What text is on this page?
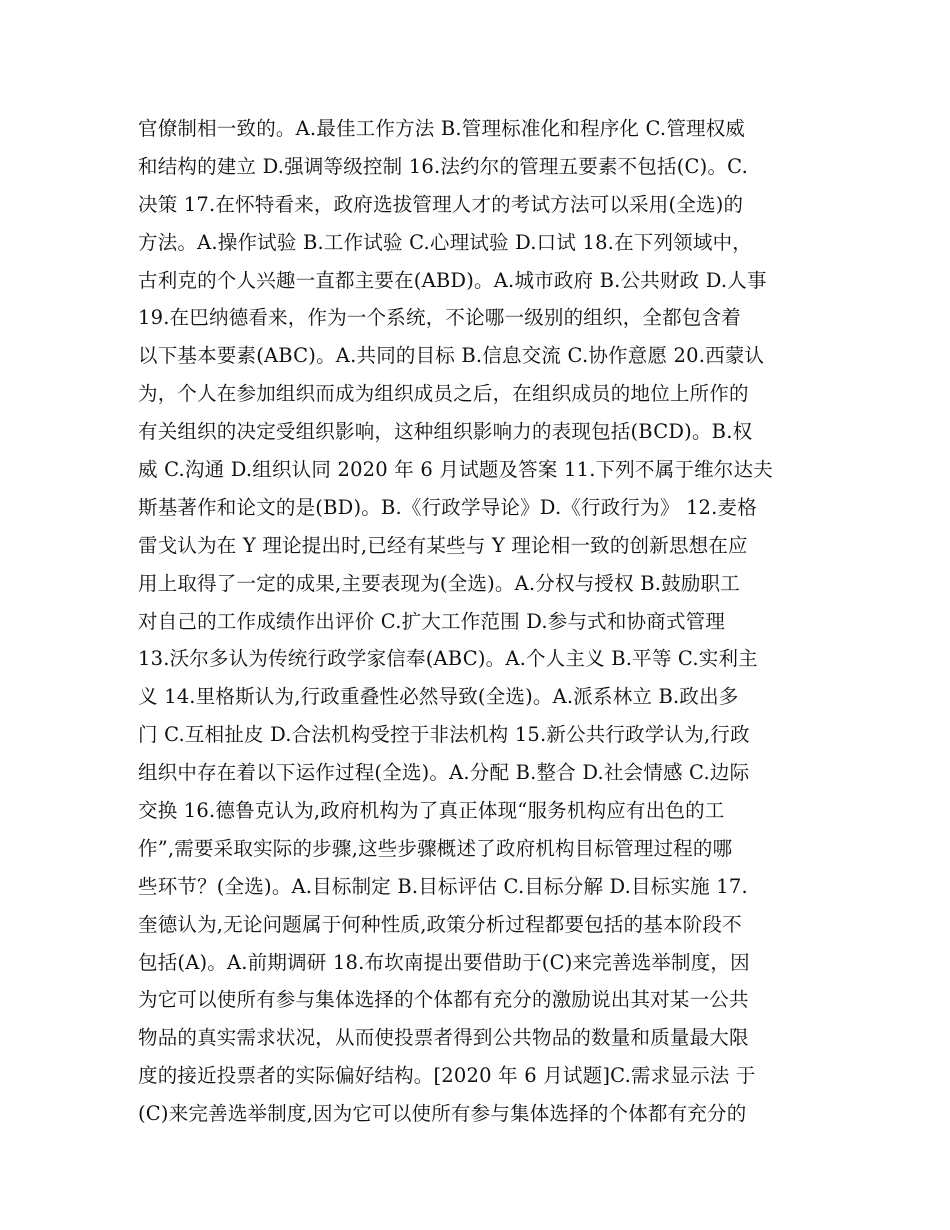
官僚制相一致的。A.最佳工作方法 B.管理标准化和程序化 C.管理权威
和结构的建立 D.强调等级控制 16.法约尔的管理五要素不包括(C)。C.
决策 17.在怀特看来，政府选拔管理人才的考试方法可以采用(全选)的
方法。A.操作试验 B.工作试验 C.心理试验 D.口试 18.在下列领域中，
古利克的个人兴趣一直都主要在(ABD)。A.城市政府 B.公共财政 D.人事
19.在巴纳德看来，作为一个系统，不论哪一级别的组织，全都包含着
以下基本要素(ABC)。A.共同的目标 B.信息交流 C.协作意愿 20.西蒙认
为，个人在参加组织而成为组织成员之后，在组织成员的地位上所作的
有关组织的决定受组织影响，这种组织影响力的表现包括(BCD)。B.权
威 C.沟通 D.组织认同 2020 年 6 月试题及答案 11.下列不属于维尔达夫
斯基著作和论文的是(BD)。B.《行政学导论》D.《行政行为》 12.麦格
雷戈认为在 Y 理论提出时,已经有某些与 Y 理论相一致的创新思想在应
用上取得了一定的成果,主要表现为(全选)。A.分权与授权 B.鼓励职工
对自己的工作成绩作出评价 C.扩大工作范围 D.参与式和协商式管理
13.沃尔多认为传统行政学家信奉(ABC)。A.个人主义 B.平等 C.实利主
义 14.里格斯认为,行政重叠性必然导致(全选)。A.派系林立 B.政出多
门 C.互相扯皮 D.合法机构受控于非法机构 15.新公共行政学认为,行政
组织中存在着以下运作过程(全选)。A.分配 B.整合 D.社会情感 C.边际
交换 16.德鲁克认为,政府机构为了真正体现“服务机构应有出色的工
作”,需要采取实际的步骤,这些步骤概述了政府机构目标管理过程的哪
些环节？(全选)。A.目标制定 B.目标评估 C.目标分解 D.目标实施 17.
奎德认为,无论问题属于何种性质,政策分析过程都要包括的基本阶段不
包括(A)。A.前期调研 18.布坎南提出要借助于(C)来完善选举制度，因
为它可以使所有参与集体选择的个体都有充分的激励说出其对某一公共
物品的真实需求状况，从而使投票者得到公共物品的数量和质量最大限
度的接近投票者的实际偏好结构。[2020 年 6 月试题]C.需求显示法 于
(C)来完善选举制度,因为它可以使所有参与集体选择的个体都有充分的
